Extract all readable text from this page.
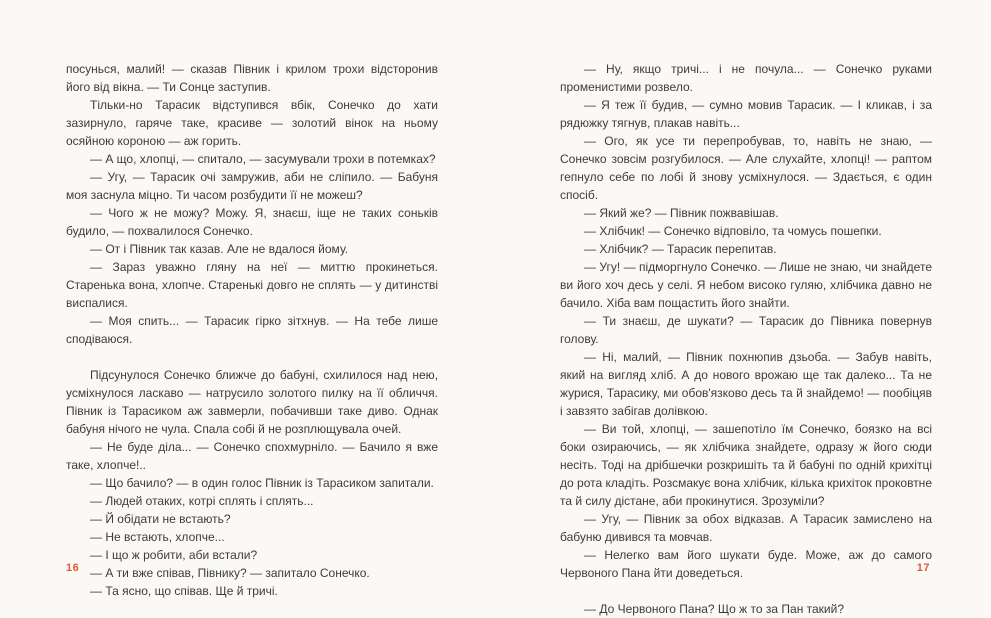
посунься, малий! — сказав Півник і крилом трохи відсторонив його від вікна. — Ти Сонце заступив.

Тільки-но Тарасик відступився вбік, Сонечко до хати зазирнуло, гаряче таке, красиве — золотий вінок на ньому осяйною короною — аж горить.

— А що, хлопці, — спитало, — засумували трохи в потемках?

— Угу, — Тарасик очі замружив, аби не сліпило. — Бабуня моя заснула міцно. Ти часом розбудити її не можеш?

— Чого ж не можу? Можу. Я, знаєш, іще не таких соньків будило, — похвалилося Сонечко.

— От і Півник так казав. Але не вдалося йому.

— Зараз уважно гляну на неї — миттю прокинеться. Старенька вона, хлопче. Старенькі довго не сплять — у дитинстві виспалися.

— Моя спить... — Тарасик гірко зітхнув. — На тебе лише сподіваюся.

Підсунулося Сонечко ближче до бабуні, схилилося над нею, усміхнулося ласкаво — натрусило золотого пилку на її обличчя. Півник із Тарасиком аж завмерли, побачивши таке диво. Однак бабуня нічого не чула. Спала собі й не розплющувала очей.

— Не буде діла... — Сонечко спохмурніло. — Бачило я вже таке, хлопче!..

— Що бачило? — в один голос Півник із Тарасиком запитали.

— Людей отаких, котрі сплять і сплять...

— Й обідати не встають?

— Не встають, хлопче...

— І що ж робити, аби встали?

— А ти вже співав, Півнику? — запитало Сонечко.

— Та ясно, що співав. Ще й тричі.

— Ну, якщо тричі... і не почула... — Сонечко руками променистими розвело.

— Я теж її будив, — сумно мовив Тарасик. — І кликав, і за рядюжку тягнув, плакав навіть...

— Ого, як усе ти перепробував, то, навіть не знаю, — Сонечко зовсім розгубилося. — Але слухайте, хлопці! — раптом гепнуло себе по лобі й знову усміхнулося. — Здається, є один спосіб.

— Який же? — Півник пожвавішав.

— Хлібчик! — Сонечко відповіло, та чомусь пошепки.

— Хлібчик? — Тарасик перепитав.

— Угу! — підморгнуло Сонечко. — Лише не знаю, чи знайдете ви його хоч десь у селі. Я небом високо гуляю, хлібчика давно не бачило. Хіба вам пощастить його знайти.

— Ти знаєш, де шукати? — Тарасик до Півника повернув голову.

— Ні, малий, — Півник похнюпив дзьоба. — Забув навіть, який на вигляд хліб. А до нового врожаю ще так далеко... Та не журися, Тарасику, ми обов'язково десь та й знайдемо! — пообіцяв і завзято забігав долівкою.

— Ви той, хлопці, — зашепотіло їм Сонечко, боязко на всі боки озираючись, — як хлібчика знайдете, одразу ж його сюди несіть. Тоді на дрібшечки розкришіть та й бабуні по одній крихітці до рота кладіть. Розсмакує вона хлібчик, кілька крихіток проковтне та й силу дістане, аби прокинутися. Зрозуміли?

— Угу, — Півник за обох відказав. А Тарасик замислено на бабуню дивився та мовчав.

— Нелегко вам його шукати буде. Може, аж до самого Червоного Пана йти доведеться.

— До Червоного Пана? Що ж то за Пан такий?

16	17
